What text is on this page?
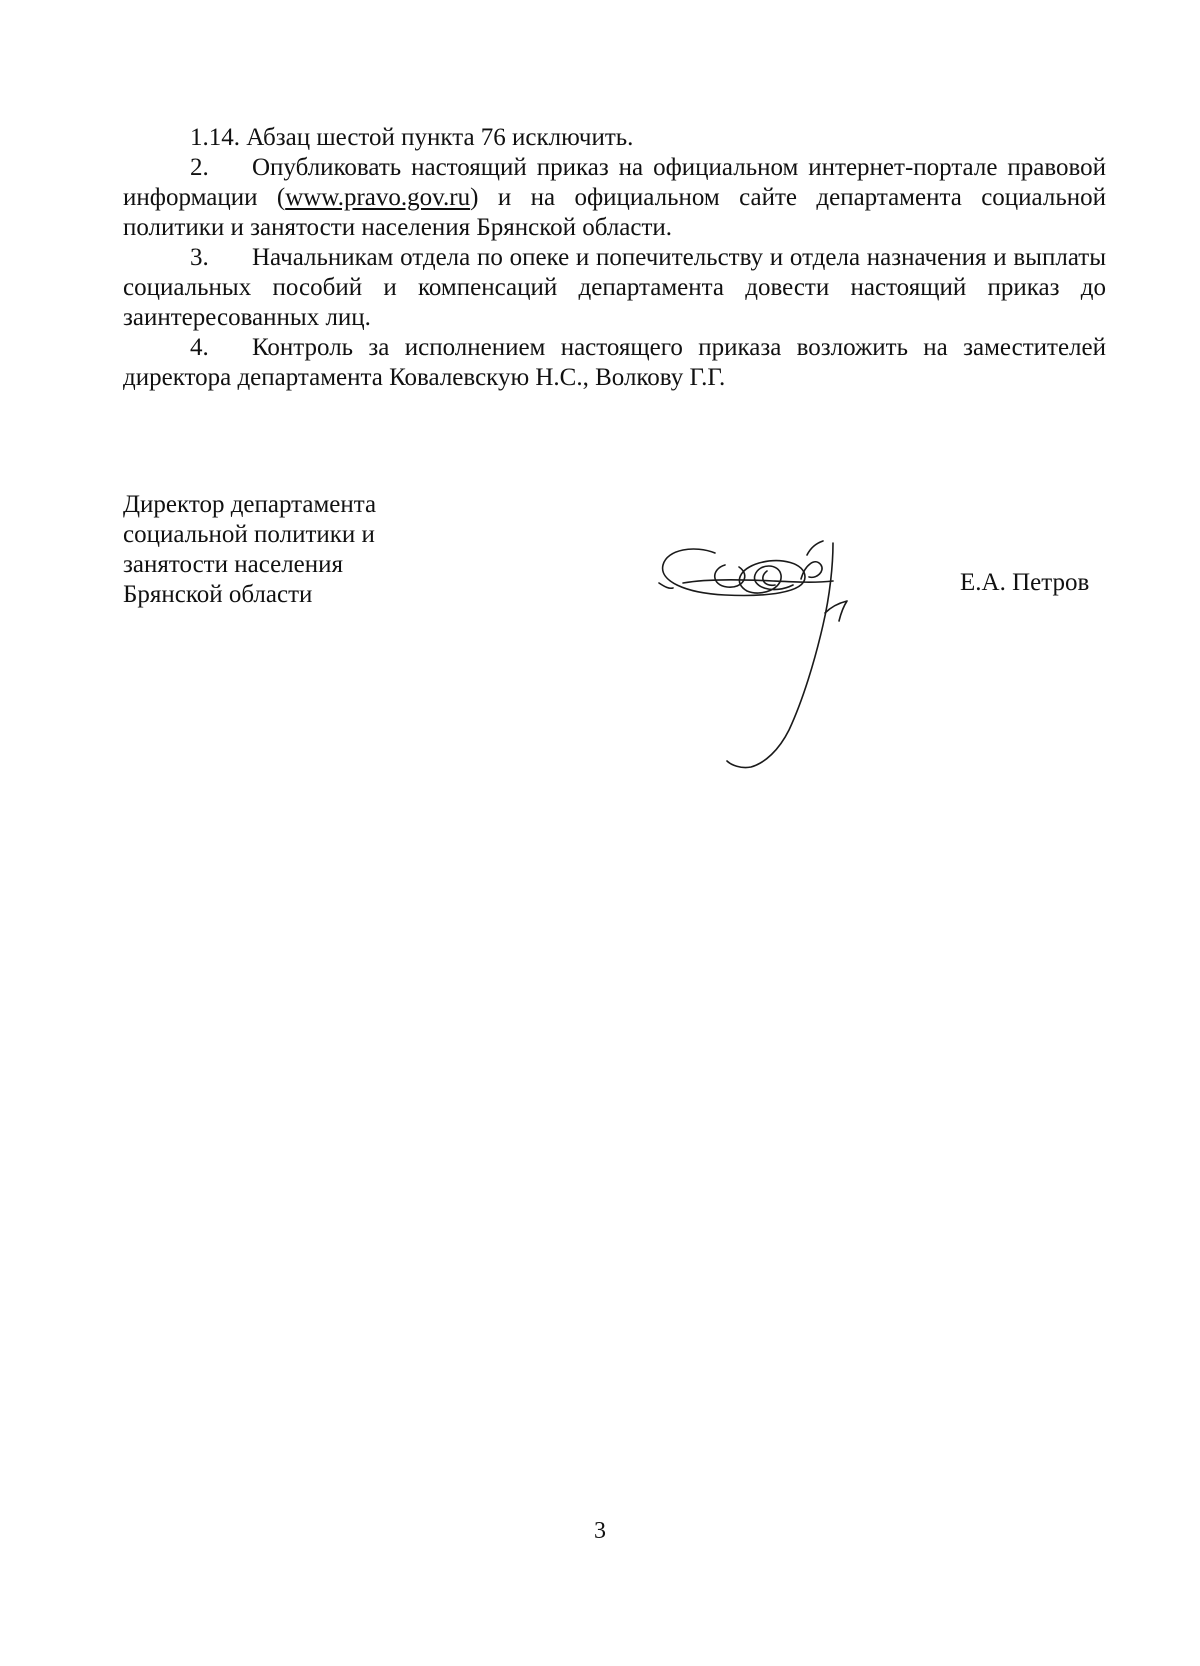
1.14. Абзац шестой пункта 76 исключить.

2. Опубликовать настоящий приказ на официальном интернет-портале правовой информации (www.pravo.gov.ru) и на официальном сайте департамента социальной политики и занятости населения Брянской области.

3. Начальникам отдела по опеке и попечительству и отдела назначения и выплаты социальных пособий и компенсаций департамента довести настоящий приказ до заинтересованных лиц.

4. Контроль за исполнением настоящего приказа возложить на заместителей директора департамента Ковалевскую Н.С., Волкову Г.Г.

Директор департамента
социальной политики и
занятости населения
Брянской области	Е.А. Петров
3
